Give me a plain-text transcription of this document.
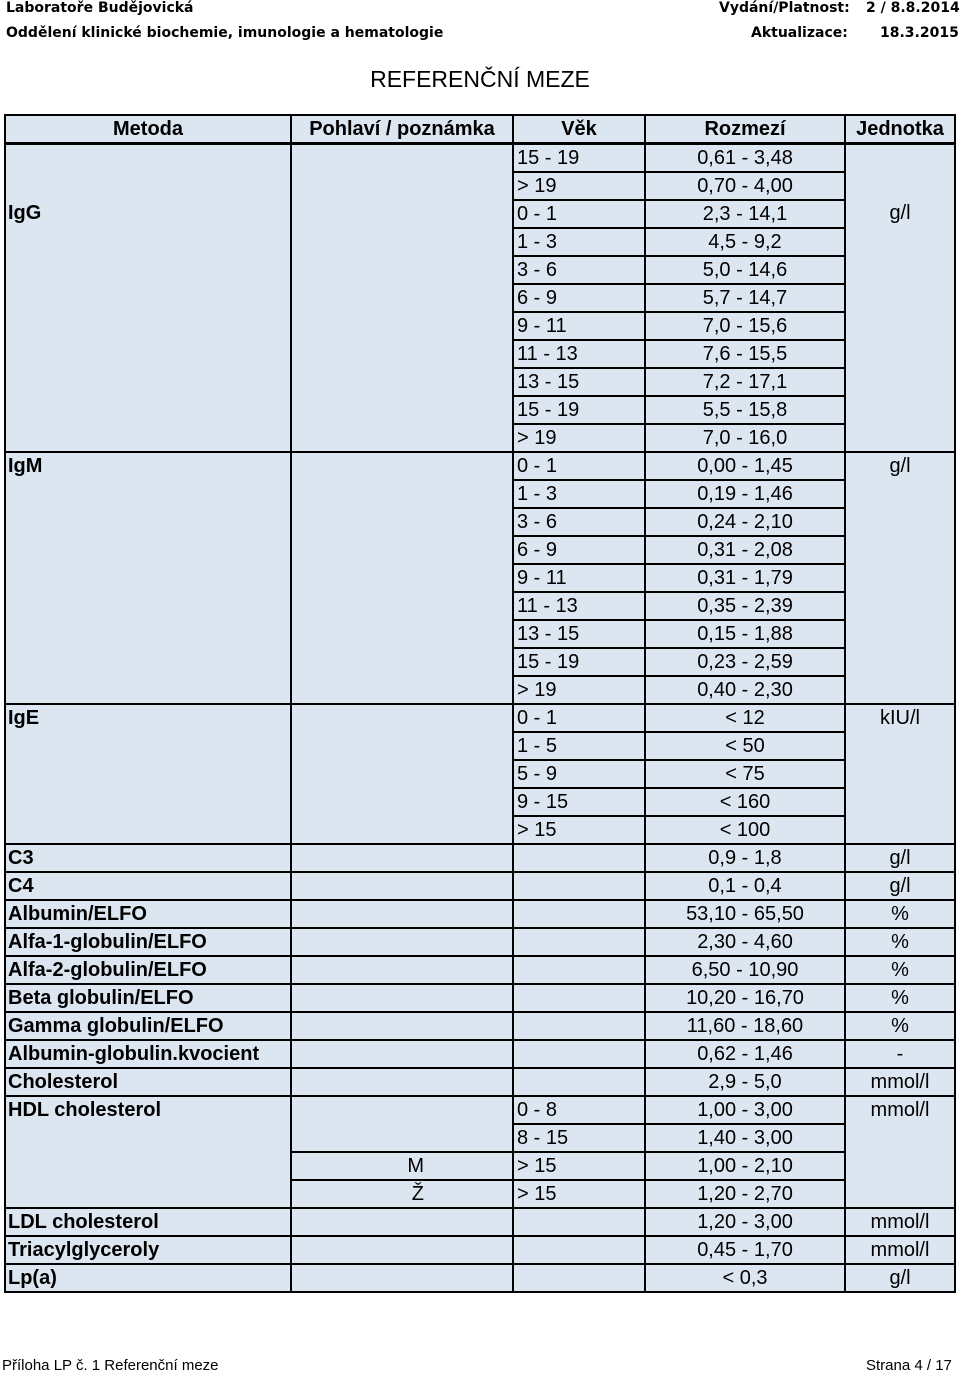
Laboratoře Budějovická
Oddělení klinické biochemie, imunologie a hematologie
Vydání/Platnost: 2 / 8.8.2014
Aktualizace: 18.3.2015
REFERENČNÍ MEZE
Metoda	Pohlaví / poznámka	Věk	Rozmezí	Jednotka
		15 - 19	0,61 - 3,48	
		> 19	0,70 - 4,00	
IgG		0 - 1	2,3 - 14,1	g/l
		1 - 3	4,5 - 9,2	
		3 - 6	5,0 - 14,6	
		6 - 9	5,7 - 14,7	
		9 - 11	7,0 - 15,6	
		11 - 13	7,6 - 15,5	
		13 - 15	7,2 - 17,1	
		15 - 19	5,5 - 15,8	
		> 19	7,0 - 16,0	
IgM		0 - 1	0,00 - 1,45	g/l
		1 - 3	0,19 - 1,46	
		3 - 6	0,24 - 2,10	
		6 - 9	0,31 - 2,08	
		9 - 11	0,31 - 1,79	
		11 - 13	0,35 - 2,39	
		13 - 15	0,15 - 1,88	
		15 - 19	0,23 - 2,59	
		> 19	0,40 - 2,30	
IgE		0 - 1	< 12	kIU/l
		1 - 5	< 50	
		5 - 9	< 75	
		9 - 15	< 160	
		> 15	< 100	
C3			0,9 - 1,8	g/l
C4			0,1 - 0,4	g/l
Albumin/ELFO			53,10 - 65,50	%
Alfa-1-globulin/ELFO			2,30 - 4,60	%
Alfa-2-globulin/ELFO			6,50 - 10,90	%
Beta globulin/ELFO			10,20 - 16,70	%
Gamma globulin/ELFO			11,60 - 18,60	%
Albumin-globulin.kvocient			0,62 - 1,46	-
Cholesterol			2,9 - 5,0	mmol/l
HDL cholesterol		0 - 8	1,00 - 3,00	mmol/l
		8 - 15	1,40 - 3,00	
	M	> 15	1,00 - 2,10	
	Ž	> 15	1,20 - 2,70	
LDL cholesterol			1,20 - 3,00	mmol/l
Triacylglyceroly			0,45 - 1,70	mmol/l
Lp(a)			< 0,3	g/l
Příloha LP č. 1 Referenční meze	Strana 4 / 17
